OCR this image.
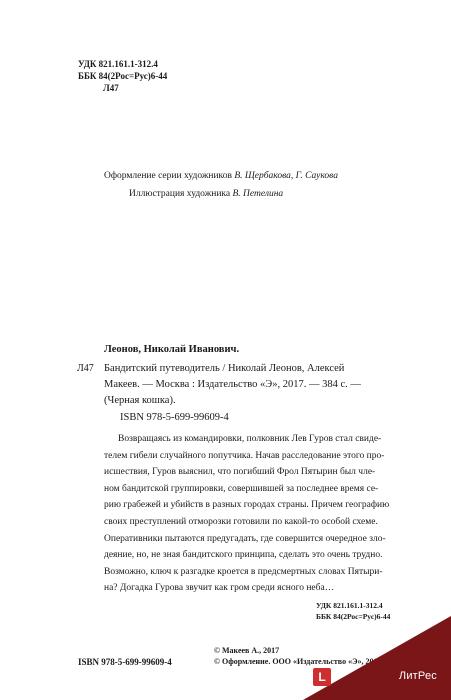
УДК 821.161.1-312.4
ББК 84(2Рос=Рус)6-44
Л47
Оформление серии художников В. Щербакова, Г. Саукова
Иллюстрация художника В. Петелина
Леонов, Николай Иванович.
Л47 Бандитский путеводитель / Николай Леонов, Алексей
Макеев. — Москва : Издательство «Э», 2017. — 384 с. —
(Черная кошка).
ISBN 978-5-699-99609-4
Возвращаясь из командировки, полковник Лев Гуров стал свиде-
телем гибели случайного попутчика. Начав расследование этого про-
исшествия, Гуров выяснил, что погибший Фрол Пятырин был чле-
ном бандитской группировки, совершившей за последнее время се-
рию грабежей и убийств в разных городах страны. Причем географию
своих преступлений отморозки готовили по какой-то особой схеме.
Оперативники пытаются предугадать, где совершится очередное зло-
деяние, но, не зная бандитского принципа, сделать это очень трудно.
Возможно, ключ к разгадке кроется в предсмертных словах Пятыри-
на? Догадка Гурова звучит как гром среди ясного неба…
УДК 821.161.1-312.4
ББК 84(2Рос=Рус)6-44
ISBN 978-5-699-99609-4
© Макеев А., 2017
© Оформление. ООО «Издательство «Э», 2017
L	ЛитРес
